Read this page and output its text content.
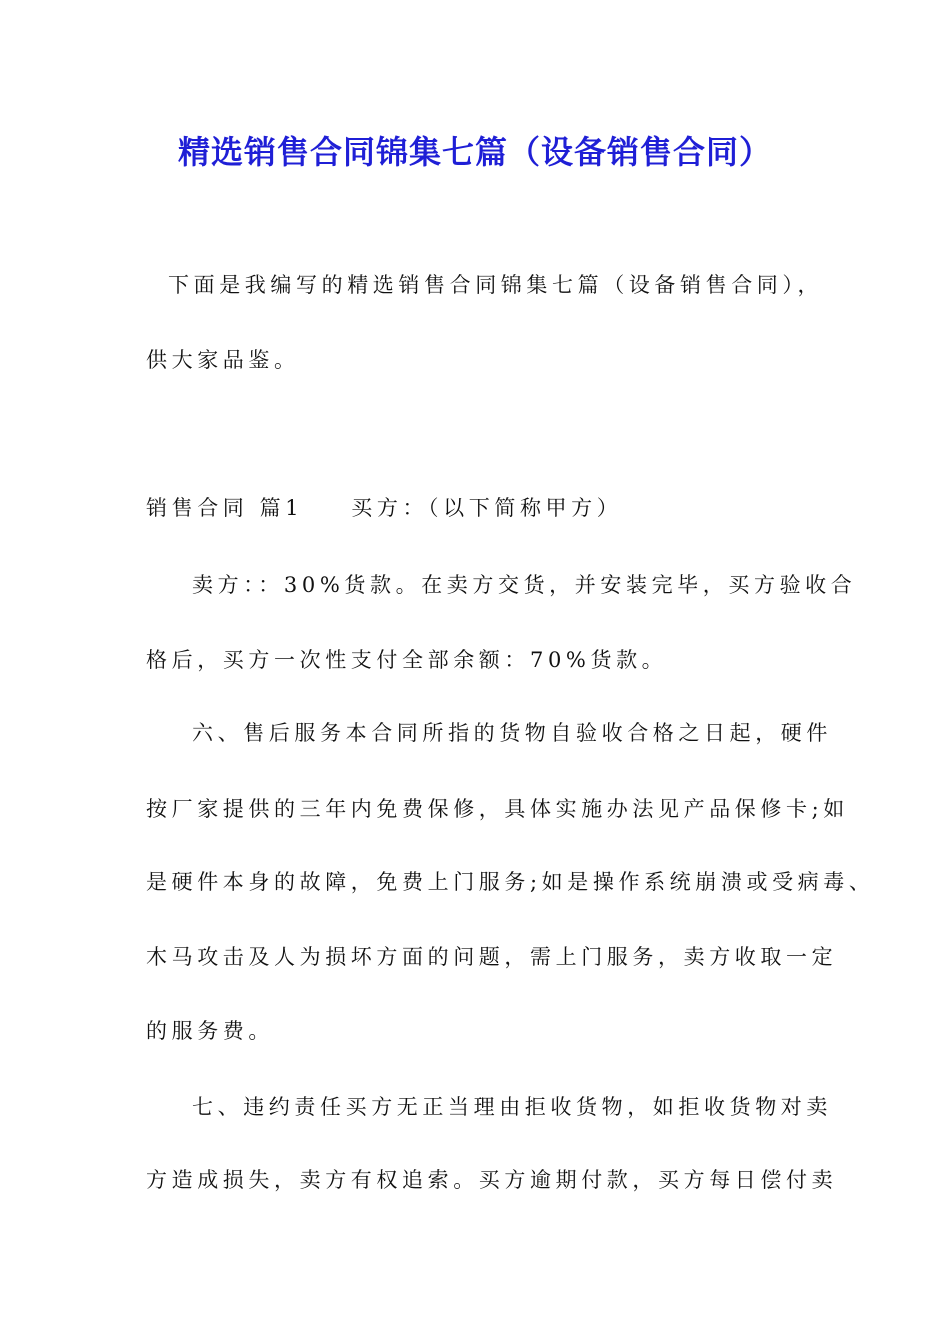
精选销售合同锦集七篇（设备销售合同）
下面是我编写的精选销售合同锦集七篇（设备销售合同），
供大家品鉴。
销售合同 篇1 买方：（以下简称甲方）
卖方：：30%货款。在卖方交货，并安装完毕，买方验收合
格后，买方一次性支付全部余额：70%货款。
六、售后服务本合同所指的货物自验收合格之日起，硬件
按厂家提供的三年内免费保修，具体实施办法见产品保修卡;如
是硬件本身的故障，免费上门服务;如是操作系统崩溃或受病毒、
木马攻击及人为损坏方面的问题，需上门服务，卖方收取一定
的服务费。
七、违约责任买方无正当理由拒收货物，如拒收货物对卖
方造成损失，卖方有权追索。买方逾期付款，买方每日偿付卖
